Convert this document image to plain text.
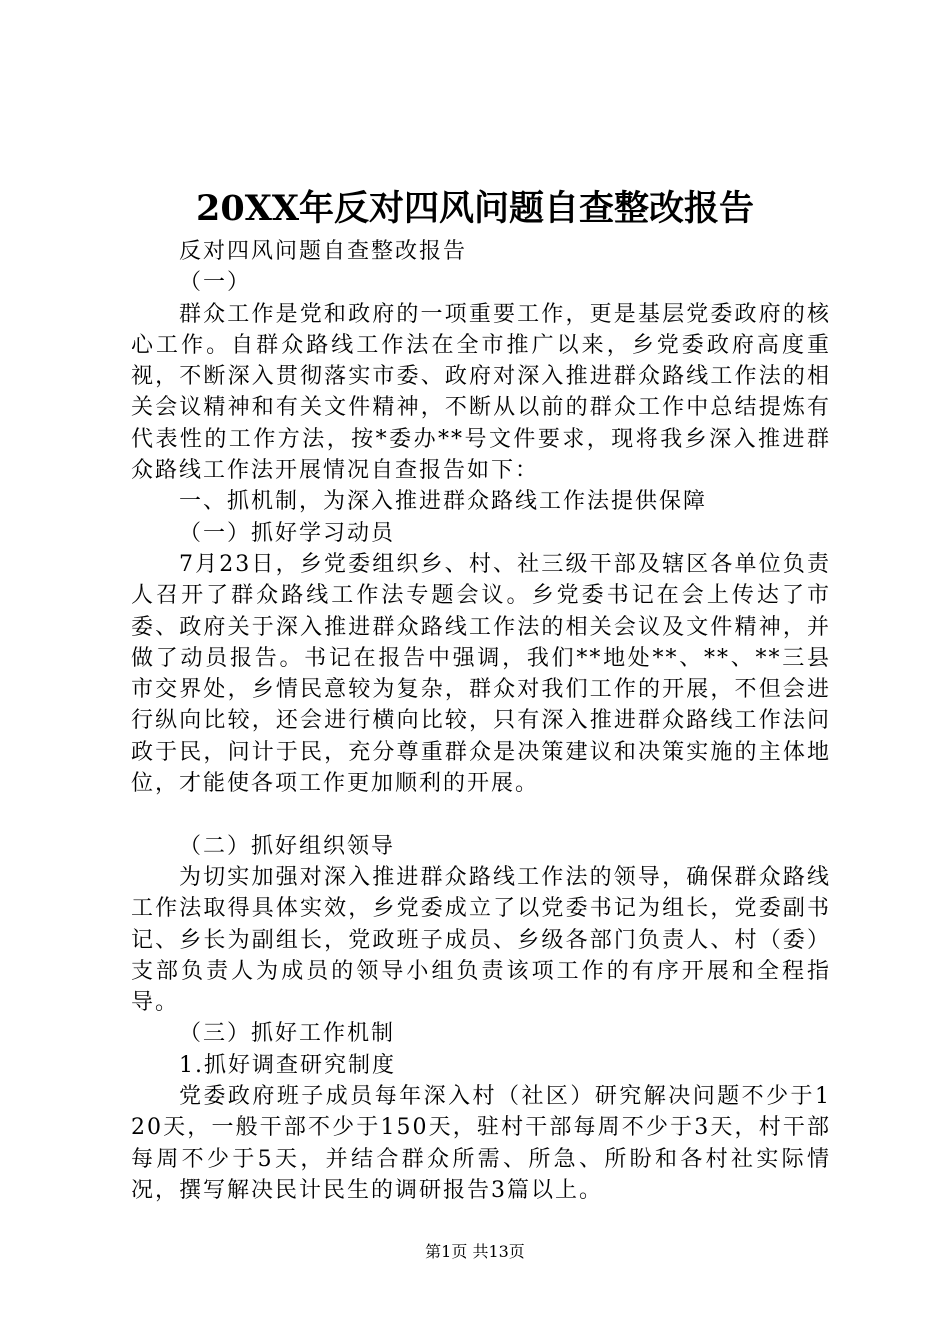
20XX年反对四风问题自查整改报告

反对四风问题自查整改报告

（一）

群众工作是党和政府的一项重要工作，更是基层党委政府的核心工作。自群众路线工作法在全市推广以来，乡党委政府高度重视，不断深入贯彻落实市委、政府对深入推进群众路线工作法的相关会议精神和有关文件精神，不断从以前的群众工作中总结提炼有代表性的工作方法，按*委办**号文件要求，现将我乡深入推进群众路线工作法开展情况自查报告如下：

一、抓机制，为深入推进群众路线工作法提供保障

（一）抓好学习动员

7月23日，乡党委组织乡、村、社三级干部及辖区各单位负责人召开了群众路线工作法专题会议。乡党委书记在会上传达了市委、政府关于深入推进群众路线工作法的相关会议及文件精神，并做了动员报告。书记在报告中强调，我们**地处**、**、**三县市交界处，乡情民意较为复杂，群众对我们工作的开展，不但会进行纵向比较，还会进行横向比较，只有深入推进群众路线工作法问政于民，问计于民，充分尊重群众是决策建议和决策实施的主体地位，才能使各项工作更加顺利的开展。

（二）抓好组织领导

为切实加强对深入推进群众路线工作法的领导，确保群众路线工作法取得具体实效，乡党委成立了以党委书记为组长，党委副书记、乡长为副组长，党政班子成员、乡级各部门负责人、村（委）支部负责人为成员的领导小组负责该项工作的有序开展和全程指导。

（三）抓好工作机制

1.抓好调查研究制度

党委政府班子成员每年深入村（社区）研究解决问题不少于120天，一般干部不少于150天，驻村干部每周不少于3天，村干部每周不少于5天，并结合群众所需、所急、所盼和各村社实际情况，撰写解决民计民生的调研报告3篇以上。

第1页 共13页
